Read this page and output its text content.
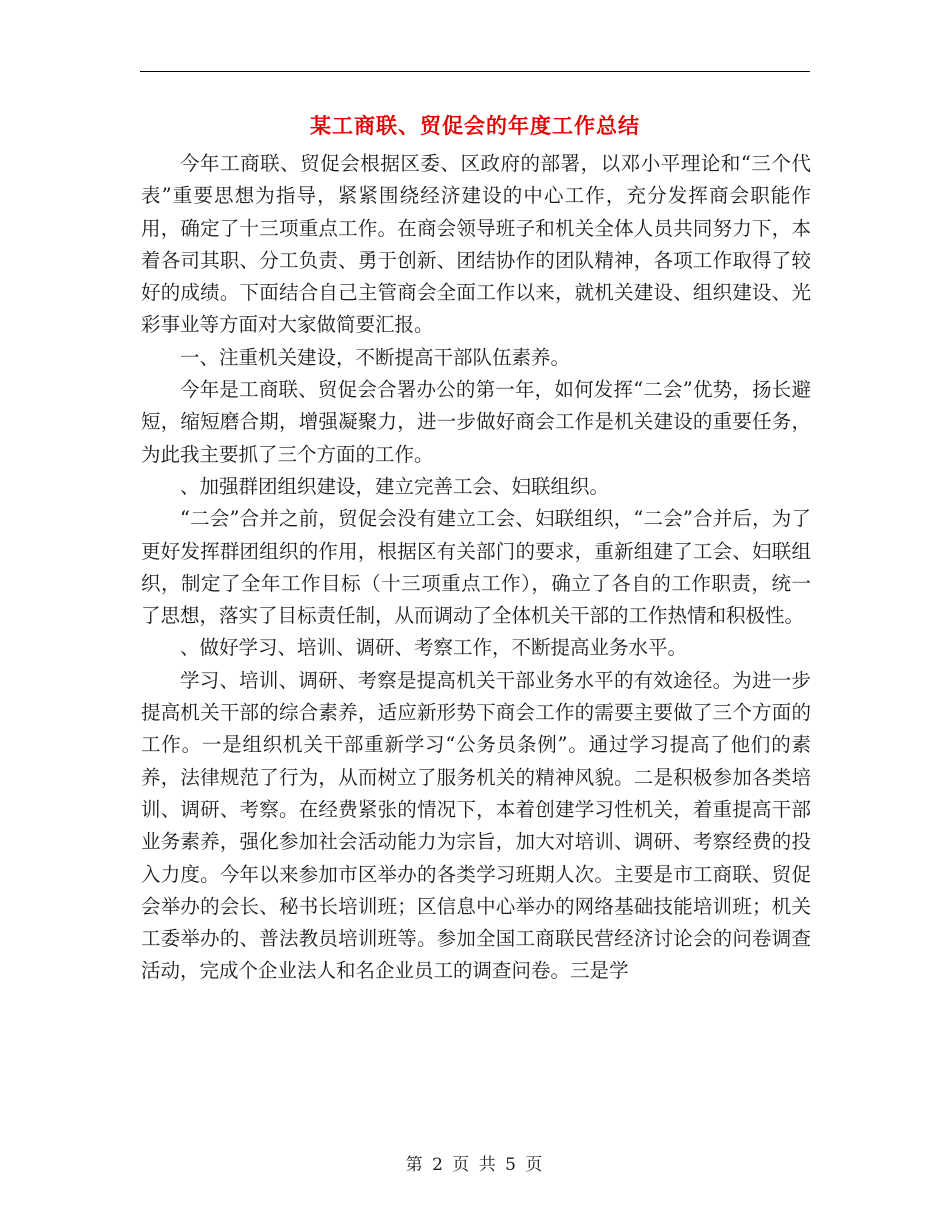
某工商联、贸促会的年度工作总结

今年工商联、贸促会根据区委、区政府的部署，以邓小平理论和“三个代表”重要思想为指导，紧紧围绕经济建设的中心工作，充分发挥商会职能作用，确定了十三项重点工作。在商会领导班子和机关全体人员共同努力下，本着各司其职、分工负责、勇于创新、团结协作的团队精神，各项工作取得了较好的成绩。下面结合自己主管商会全面工作以来，就机关建设、组织建设、光彩事业等方面对大家做简要汇报。

一、注重机关建设，不断提高干部队伍素养。

今年是工商联、贸促会合署办公的第一年，如何发挥“二会”优势，扬长避短，缩短磨合期，增强凝聚力，进一步做好商会工作是机关建设的重要任务，为此我主要抓了三个方面的工作。

、加强群团组织建设，建立完善工会、妇联组织。

“二会”合并之前，贸促会没有建立工会、妇联组织，“二会”合并后，为了更好发挥群团组织的作用，根据区有关部门的要求，重新组建了工会、妇联组织，制定了全年工作目标（十三项重点工作），确立了各自的工作职责，统一了思想，落实了目标责任制，从而调动了全体机关干部的工作热情和积极性。

、做好学习、培训、调研、考察工作，不断提高业务水平。

学习、培训、调研、考察是提高机关干部业务水平的有效途径。为进一步提高机关干部的综合素养，适应新形势下商会工作的需要主要做了三个方面的工作。一是组织机关干部重新学习“公务员条例”。通过学习提高了他们的素养，法律规范了行为，从而树立了服务机关的精神风貌。二是积极参加各类培训、调研、考察。在经费紧张的情况下，本着创建学习性机关，着重提高干部业务素养，强化参加社会活动能力为宗旨，加大对培训、调研、考察经费的投入力度。今年以来参加市区举办的各类学习班期人次。主要是市工商联、贸促会举办的会长、秘书长培训班；区信息中心举办的网络基础技能培训班；机关工委举办的、普法教员培训班等。参加全国工商联民营经济讨论会的问卷调查活动，完成个企业法人和名企业员工的调查问卷。三是学

第 2 页 共 5 页
